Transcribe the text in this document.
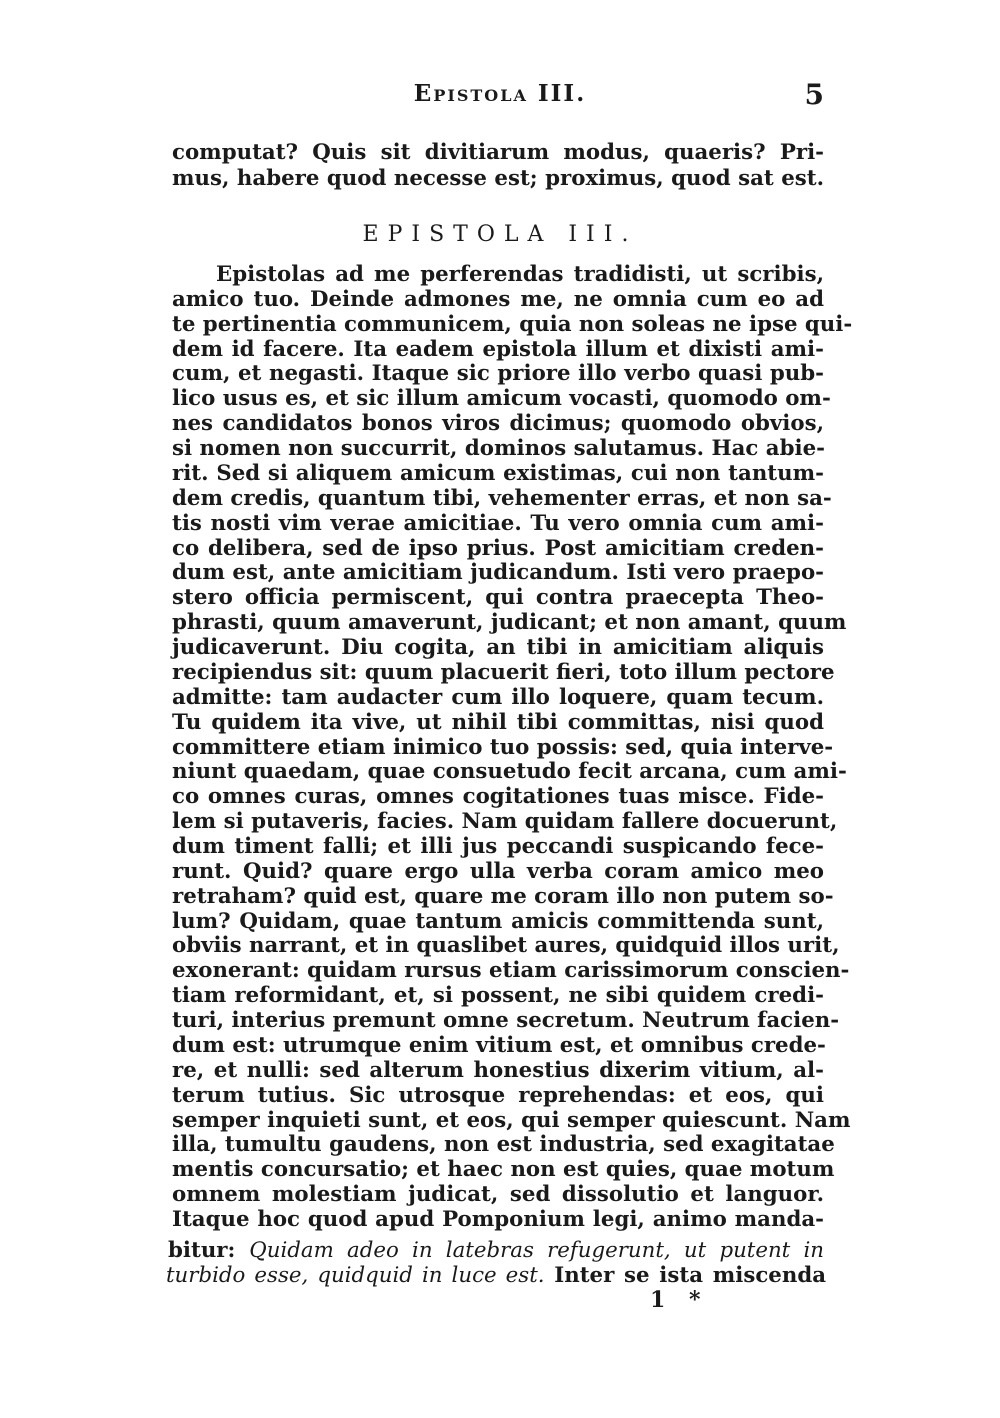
Epistola III.	5
computat? Quis sit divitiarum modus, quaeris? Pri-
mus, habere quod necesse est; proximus, quod sat est.
EPISTOLA III.
Epistolas ad me perferendas tradidisti, ut scribis,
amico tuo. Deinde admones me, ne omnia cum eo ad
te pertinentia communicem, quia non soleas ne ipse qui-
dem id facere. Ita eadem epistola illum et dixisti ami-
cum, et negasti. Itaque sic priore illo verbo quasi pub-
lico usus es, et sic illum amicum vocasti, quomodo om-
nes candidatos bonos viros dicimus; quomodo obvios,
si nomen non succurrit, dominos salutamus. Hac abie-
rit. Sed si aliquem amicum existimas, cui non tantum-
dem credis, quantum tibi, vehementer erras, et non sa-
tis nosti vim verae amicitiae. Tu vero omnia cum ami-
co delibera, sed de ipso prius. Post amicitiam creden-
dum est, ante amicitiam judicandum. Isti vero praepo-
stero officia permiscent, qui contra praecepta Theo-
phrasti, quum amaverunt, judicant; et non amant, quum
judicaverunt. Diu cogita, an tibi in amicitiam aliquis
recipiendus sit: quum placuerit fieri, toto illum pectore
admitte: tam audacter cum illo loquere, quam tecum.
Tu quidem ita vive, ut nihil tibi committas, nisi quod
committere etiam inimico tuo possis: sed, quia interve-
niunt quaedam, quae consuetudo fecit arcana, cum ami-
co omnes curas, omnes cogitationes tuas misce. Fide-
lem si putaveris, facies. Nam quidam fallere docuerunt,
dum timent falli; et illi jus peccandi suspicando fece-
runt. Quid? quare ergo ulla verba coram amico meo
retraham? quid est, quare me coram illo non putem so-
lum? Quidam, quae tantum amicis committenda sunt,
obviis narrant, et in quaslibet aures, quidquid illos urit,
exonerant: quidam rursus etiam carissimorum conscien-
tiam reformidant, et, si possent, ne sibi quidem credi-
turi, interius premunt omne secretum. Neutrum facien-
dum est: utrumque enim vitium est, et omnibus crede-
re, et nulli: sed alterum honestius dixerim vitium, al-
terum tutius. Sic utrosque reprehendas: et eos, qui
semper inquieti sunt, et eos, qui semper quiescunt. Nam
illa, tumultu gaudens, non est industria, sed exagitatae
mentis concursatio; et haec non est quies, quae motum
omnem molestiam judicat, sed dissolutio et languor.
Itaque hoc quod apud Pomponium legi, animo manda-
bitur: Quidam adeo in latebras refugerunt, ut putent in
turbido esse, quidquid in luce est. Inter se ista miscenda
1 *
